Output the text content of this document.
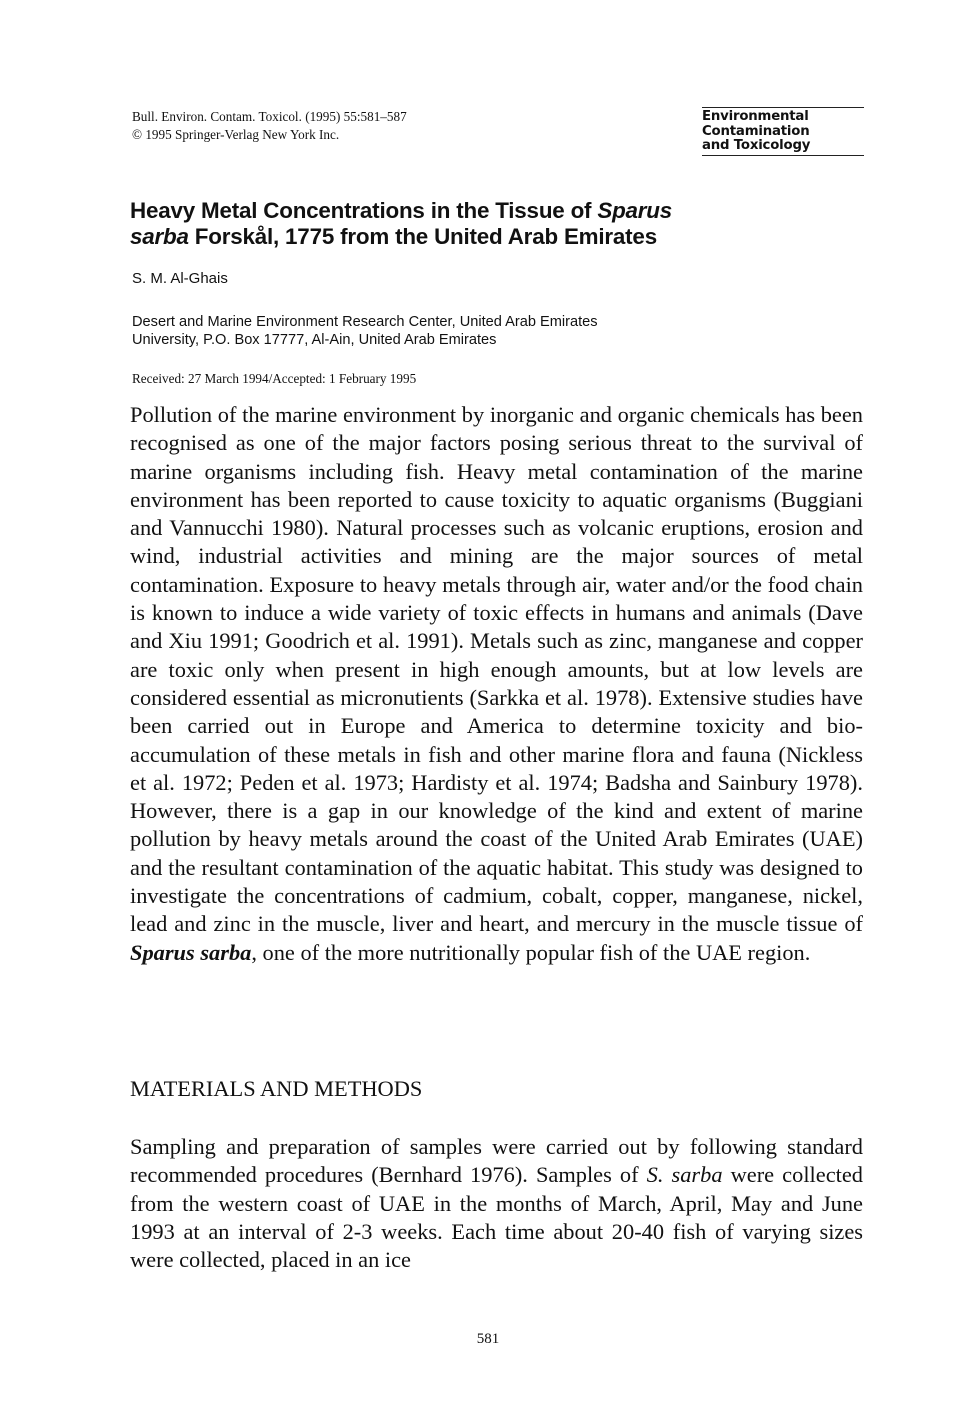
Bull. Environ. Contam. Toxicol. (1995) 55:581–587
© 1995 Springer-Verlag New York Inc.
Environmental
Contamination
and Toxicology
Heavy Metal Concentrations in the Tissue of Sparus
sarba Forskål, 1775 from the United Arab Emirates
S. M. Al-Ghais
Desert and Marine Environment Research Center, United Arab Emirates
University, P.O. Box 17777, Al-Ain, United Arab Emirates
Received: 27 March 1994/Accepted: 1 February 1995

Pollution of the marine environment by inorganic and organic chemicals has been recognised as one of the major factors posing serious threat to the survival of marine organisms including fish. Heavy metal contamination of the marine environment has been reported to cause toxicity to aquatic organisms (Buggiani and Vannucchi 1980). Natural processes such as volcanic eruptions, erosion and wind, industrial activities and mining are the major sources of metal contamination. Exposure to heavy metals through air, water and/or the food chain is known to induce a wide variety of toxic effects in humans and animals (Dave and Xiu 1991; Goodrich et al. 1991). Metals such as zinc, manganese and copper are toxic only when present in high enough amounts, but at low levels are considered essential as micronutients (Sarkka et al. 1978). Extensive studies have been carried out in Europe and America to determine toxicity and bio-accumulation of these metals in fish and other marine flora and fauna (Nickless et al. 1972; Peden et al. 1973; Hardisty et al. 1974; Badsha and Sainbury 1978). However, there is a gap in our knowledge of the kind and extent of marine pollution by heavy metals around the coast of the United Arab Emirates (UAE) and the resultant contamination of the aquatic habitat. This study was designed to investigate the concentrations of cadmium, cobalt, copper, manganese, nickel, lead and zinc in the muscle, liver and heart, and mercury in the muscle tissue of Sparus sarba, one of the more nutritionally popular fish of the UAE region.

MATERIALS AND METHODS

Sampling and preparation of samples were carried out by following standard recommended procedures (Bernhard 1976). Samples of S. sarba were collected from the western coast of UAE in the months of March, April, May and June 1993 at an interval of 2-3 weeks. Each time about 20-40 fish of varying sizes were collected, placed in an ice

581
